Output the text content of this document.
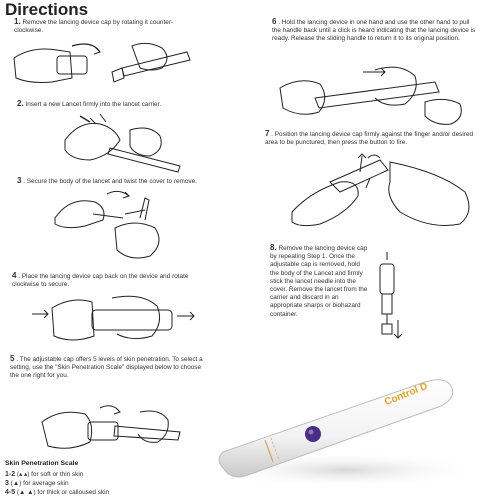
Directions
1. Remove the lancing device cap by rotating it counter-clockwise.
2. Insert a new Lancet firmly into the lancet carrier.
3 . Secure the body of the lancet and twist the cover to remove.
4 . Place the lancing device cap back on the device and rotate clockwise to secure.
5 . The adjustable cap offers 5 levels of skin penetration. To select a setting, use the "Skin Penetration Scale" displayed below to choose the one right for you.
Skin Penetration Scale
1-2 (▴ ▴) for soft or thin skin
3 (▲) for average skin
4-5 (▲ ▲) for thick or calloused skin
6 . Hold the lancing device in one hand and use the other hand to pull the handle back until a click is heard indicating that the lancing device is ready. Release the sliding handle to return it to its original position.
7 . Position the lancing device cap firmly against the finger and/or desired area to be punctured, then press the button to fire.
8. Remove the lancing device cap by repeating Step 1. Once the adjustable cap is removed, hold the body of the Lancet and firmly stick the lancet needle into the cover. Remove the lancet from the carrier and discard in an appropriate sharps or biohazard container.
Control D
